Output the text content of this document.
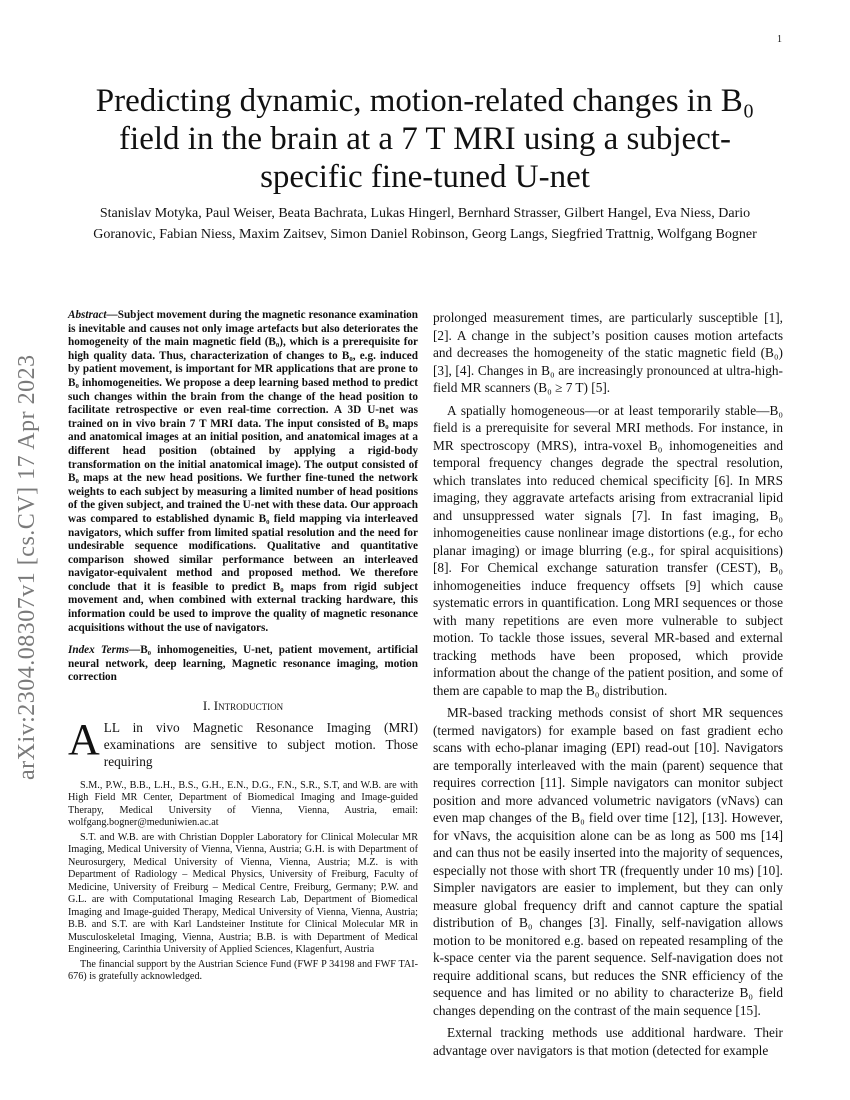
1
arXiv:2304.08307v1 [cs.CV] 17 Apr 2023
Predicting dynamic, motion-related changes in B₀ field in the brain at a 7 T MRI using a subject-specific fine-tuned U-net
Stanislav Motyka, Paul Weiser, Beata Bachrata, Lukas Hingerl, Bernhard Strasser, Gilbert Hangel, Eva Niess, Dario Goranovic, Fabian Niess, Maxim Zaitsev, Simon Daniel Robinson, Georg Langs, Siegfried Trattnig, Wolfgang Bogner
Abstract—Subject movement during the magnetic resonance examination is inevitable and causes not only image artefacts but also deteriorates the homogeneity of the main magnetic field (B₀), which is a prerequisite for high quality data. Thus, characterization of changes to B₀, e.g. induced by patient movement, is important for MR applications that are prone to B₀ inhomogeneities. We propose a deep learning based method to predict such changes within the brain from the change of the head position to facilitate retrospective or even real-time correction. A 3D U-net was trained on in vivo brain 7 T MRI data. The input consisted of B₀ maps and anatomical images at an initial position, and anatomical images at a different head position (obtained by applying a rigid-body transformation on the initial anatomical image). The output consisted of B₀ maps at the new head positions. We further fine-tuned the network weights to each subject by measuring a limited number of head positions of the given subject, and trained the U-net with these data. Our approach was compared to established dynamic B₀ field mapping via interleaved navigators, which suffer from limited spatial resolution and the need for undesirable sequence modifications. Qualitative and quantitative comparison showed similar performance between an interleaved navigator-equivalent method and proposed method. We therefore conclude that it is feasible to predict B₀ maps from rigid subject movement and, when combined with external tracking hardware, this information could be used to improve the quality of magnetic resonance acquisitions without the use of navigators.
Index Terms—B₀ inhomogeneities, U-net, patient movement, artificial neural network, deep learning, Magnetic resonance imaging, motion correction
I. Introduction
ALL in vivo Magnetic Resonance Imaging (MRI) examinations are sensitive to subject motion. Those requiring

S.M., P.W., B.B., L.H., B.S., G.H., E.N., D.G., F.N., S.R., S.T, and W.B. are with High Field MR Center, Department of Biomedical Imaging and Image-guided Therapy, Medical University of Vienna, Vienna, Austria, email: wolfgang.bogner@meduniwien.ac.at

S.T. and W.B. are with Christian Doppler Laboratory for Clinical Molecular MR Imaging, Medical University of Vienna, Vienna, Austria; G.H. is with Department of Neurosurgery, Medical University of Vienna, Vienna, Austria; M.Z. is with Department of Radiology – Medical Physics, University of Freiburg, Faculty of Medicine, University of Freiburg – Medical Centre, Freiburg, Germany; P.W. and G.L. are with Computational Imaging Research Lab, Department of Biomedical Imaging and Image-guided Therapy, Medical University of Vienna, Vienna, Austria; B.B. and S.T. are with Karl Landsteiner Institute for Clinical Molecular MR in Musculoskeletal Imaging, Vienna, Austria; B.B. is with Department of Medical Engineering, Carinthia University of Applied Sciences, Klagenfurt, Austria

The financial support by the Austrian Science Fund (FWF P 34198 and FWF TAI-676) is gratefully acknowledged.

prolonged measurement times, are particularly susceptible [1], [2]. A change in the subject’s position causes motion artefacts and decreases the homogeneity of the static magnetic field (B₀) [3], [4]. Changes in B₀ are increasingly pronounced at ultra-high-field MR scanners (B₀ ≥ 7 T) [5].

A spatially homogeneous—or at least temporarily stable—B₀ field is a prerequisite for several MRI methods. For instance, in MR spectroscopy (MRS), intra-voxel B₀ inhomogeneities and temporal frequency changes degrade the spectral resolution, which translates into reduced chemical specificity [6]. In MRS imaging, they aggravate artefacts arising from extracranial lipid and unsuppressed water signals [7]. In fast imaging, B₀ inhomogeneities cause nonlinear image distortions (e.g., for echo planar imaging) or image blurring (e.g., for spiral acquisitions) [8]. For Chemical exchange saturation transfer (CEST), B₀ inhomogeneities induce frequency offsets [9] which cause systematic errors in quantification. Long MRI sequences or those with many repetitions are even more vulnerable to subject motion. To tackle those issues, several MR-based and external tracking methods have been proposed, which provide information about the change of the patient position, and some of them are capable to map the B₀ distribution.

MR-based tracking methods consist of short MR sequences (termed navigators) for example based on fast gradient echo scans with echo-planar imaging (EPI) read-out [10]. Navigators are temporally interleaved with the main (parent) sequence that requires correction [11]. Simple navigators can monitor subject position and more advanced volumetric navigators (vNavs) can even map changes of the B₀ field over time [12], [13]. However, for vNavs, the acquisition alone can be as long as 500 ms [14] and can thus not be easily inserted into the majority of sequences, especially not those with short TR (frequently under 10 ms) [10]. Simpler navigators are easier to implement, but they can only measure global frequency drift and cannot capture the spatial distribution of B₀ changes [3]. Finally, self-navigation allows motion to be monitored e.g. based on repeated resampling of the k-space center via the parent sequence. Self-navigation does not require additional scans, but reduces the SNR efficiency of the sequence and has limited or no ability to characterize B₀ field changes depending on the contrast of the main sequence [15].

External tracking methods use additional hardware. Their advantage over navigators is that motion (detected for example
